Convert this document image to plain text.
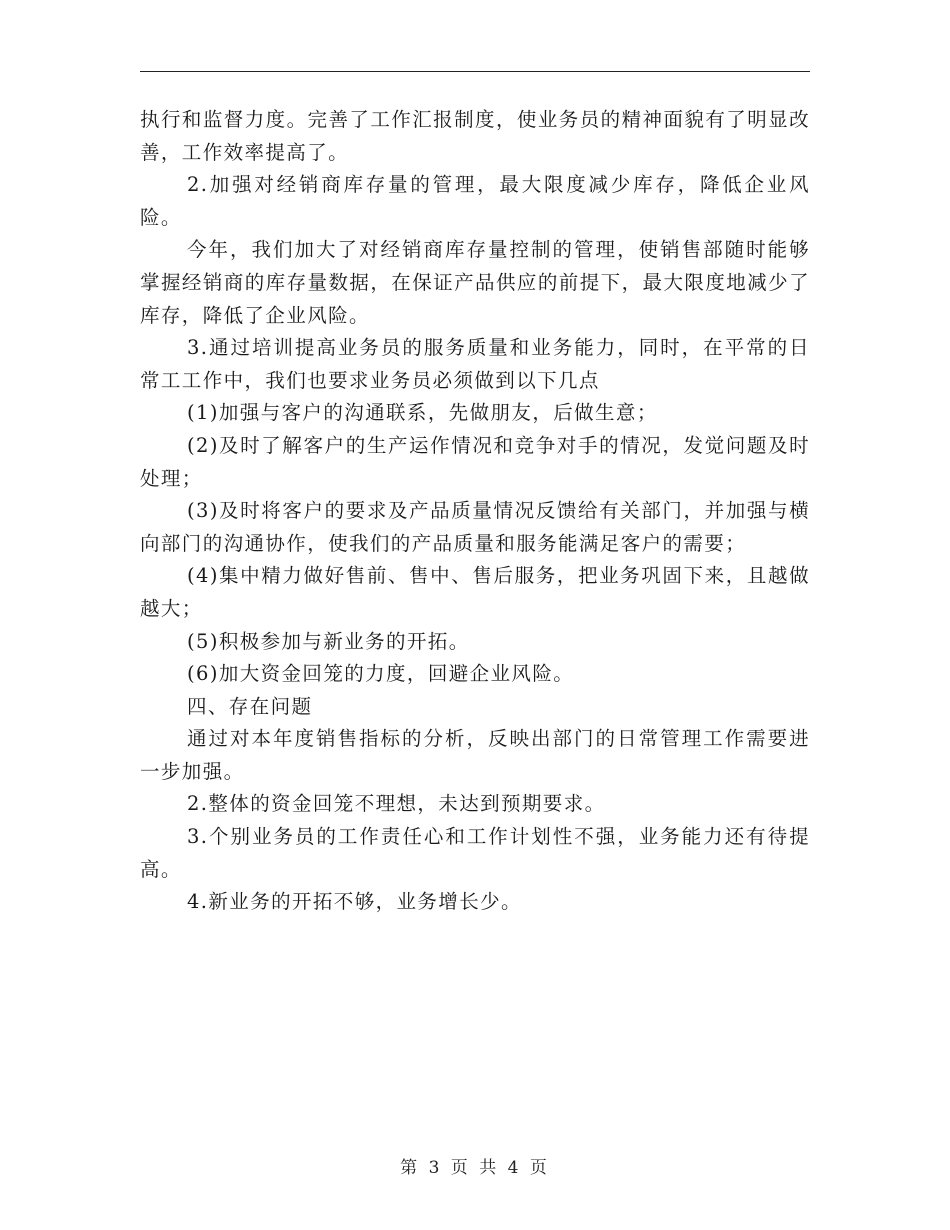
执行和监督力度。完善了工作汇报制度，使业务员的精神面貌有了明显改善，工作效率提高了。

2.加强对经销商库存量的管理，最大限度减少库存，降低企业风险。

今年，我们加大了对经销商库存量控制的管理，使销售部随时能够掌握经销商的库存量数据，在保证产品供应的前提下，最大限度地减少了库存，降低了企业风险。

3.通过培训提高业务员的服务质量和业务能力，同时，在平常的日常工工作中，我们也要求业务员必须做到以下几点

(1)加强与客户的沟通联系，先做朋友，后做生意；

(2)及时了解客户的生产运作情况和竞争对手的情况，发觉问题及时处理；

(3)及时将客户的要求及产品质量情况反馈给有关部门，并加强与横向部门的沟通协作，使我们的产品质量和服务能满足客户的需要；

(4)集中精力做好售前、售中、售后服务，把业务巩固下来，且越做越大；

(5)积极参加与新业务的开拓。

(6)加大资金回笼的力度，回避企业风险。

四、存在问题

通过对本年度销售指标的分析，反映出部门的日常管理工作需要进一步加强。

2.整体的资金回笼不理想，未达到预期要求。

3.个别业务员的工作责任心和工作计划性不强，业务能力还有待提高。

4.新业务的开拓不够，业务增长少。

第 3 页 共 4 页
